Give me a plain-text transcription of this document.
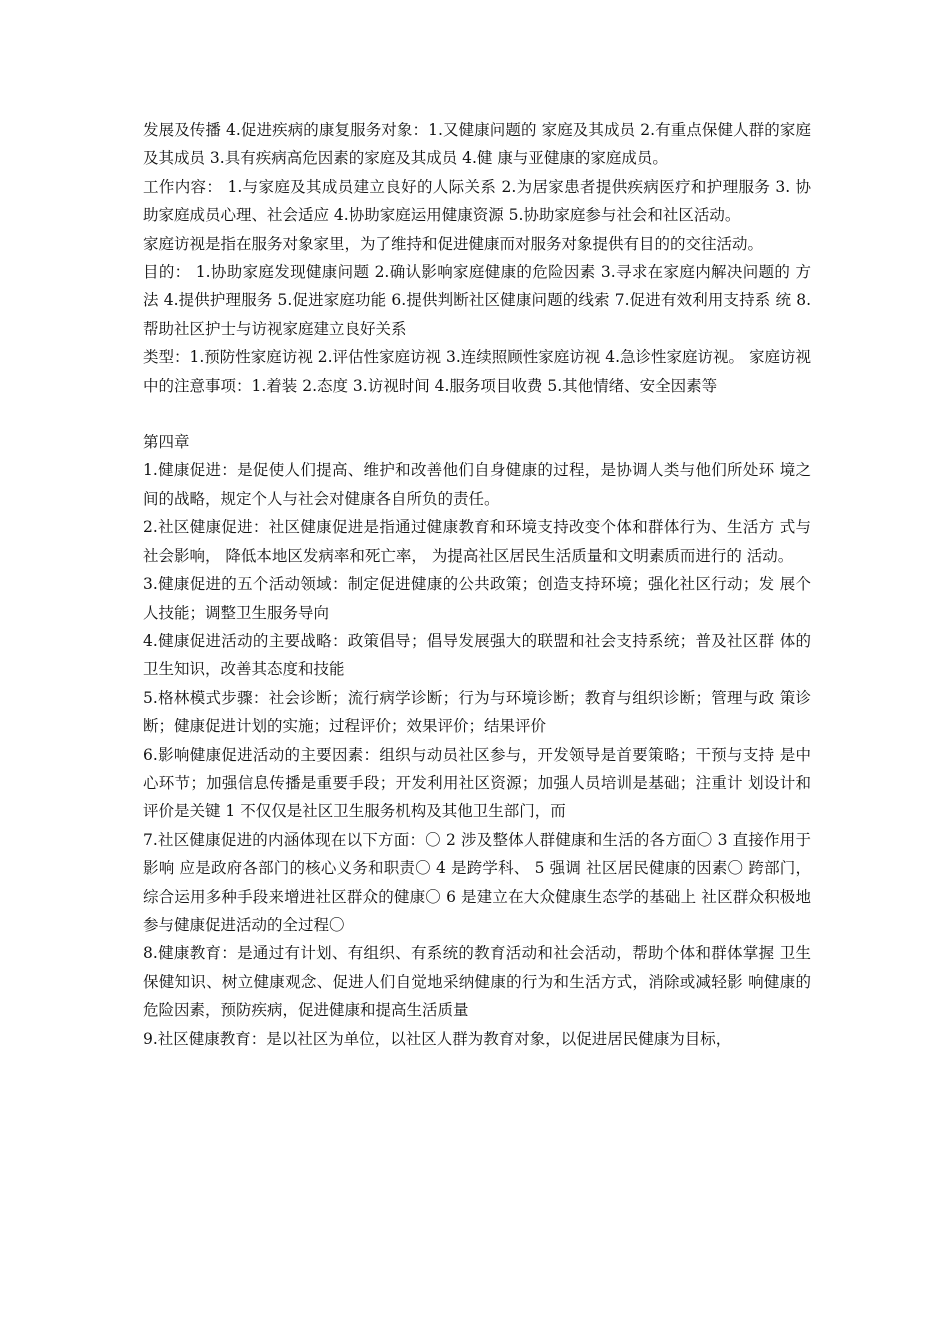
发展及传播 4.促进疾病的康复服务对象：1.又健康问题的 家庭及其成员 2.有重点保健人群的家庭及其成员 3.具有疾病高危因素的家庭及其成员 4.健 康与亚健康的家庭成员。

工作内容： 1.与家庭及其成员建立良好的人际关系 2.为居家患者提供疾病医疗和护理服务 3. 协助家庭成员心理、社会适应 4.协助家庭运用健康资源 5.协助家庭参与社会和社区活动。

家庭访视是指在服务对象家里，为了维持和促进健康而对服务对象提供有目的的交往活动。

目的： 1.协助家庭发现健康问题 2.确认影响家庭健康的危险因素 3.寻求在家庭内解决问题的 方法 4.提供护理服务 5.促进家庭功能 6.提供判断社区健康问题的线索 7.促进有效利用支持系 统 8.帮助社区护士与访视家庭建立良好关系

类型：1.预防性家庭访视 2.评估性家庭访视 3.连续照顾性家庭访视 4.急诊性家庭访视。 家庭访视中的注意事项：1.着装 2.态度 3.访视时间 4.服务项目收费 5.其他情绪、安全因素等

第四章

1.健康促进：是促使人们提高、维护和改善他们自身健康的过程，是协调人类与他们所处环 境之间的战略，规定个人与社会对健康各自所负的责任。

2.社区健康促进：社区健康促进是指通过健康教育和环境支持改变个体和群体行为、生活方 式与社会影响， 降低本地区发病率和死亡率， 为提高社区居民生活质量和文明素质而进行的 活动。

3.健康促进的五个活动领域：制定促进健康的公共政策；创造支持环境；强化社区行动；发 展个人技能；调整卫生服务导向

4.健康促进活动的主要战略：政策倡导；倡导发展强大的联盟和社会支持系统；普及社区群 体的卫生知识，改善其态度和技能

5.格林模式步骤：社会诊断；流行病学诊断；行为与环境诊断；教育与组织诊断；管理与政 策诊断；健康促进计划的实施；过程评价；效果评价；结果评价

6.影响健康促进活动的主要因素：组织与动员社区参与，开发领导是首要策略；干预与支持 是中心环节；加强信息传播是重要手段；开发利用社区资源；加强人员培训是基础；注重计 划设计和评价是关键 1 不仅仅是社区卫生服务机构及其他卫生部门，而

7.社区健康促进的内涵体现在以下方面：〇 2 涉及整体人群健康和生活的各方面〇 3 直接作用于影响 应是政府各部门的核心义务和职责〇 4 是跨学科、 5 强调 社区居民健康的因素〇 跨部门， 综合运用多种手段来增进社区群众的健康〇 6 是建立在大众健康生态学的基础上 社区群众积极地参与健康促进活动的全过程〇

8.健康教育：是通过有计划、有组织、有系统的教育活动和社会活动，帮助个体和群体掌握 卫生保健知识、树立健康观念、促进人们自觉地采纳健康的行为和生活方式，消除或减轻影 响健康的危险因素，预防疾病，促进健康和提高生活质量

9.社区健康教育：是以社区为单位，以社区人群为教育对象，以促进居民健康为目标，
